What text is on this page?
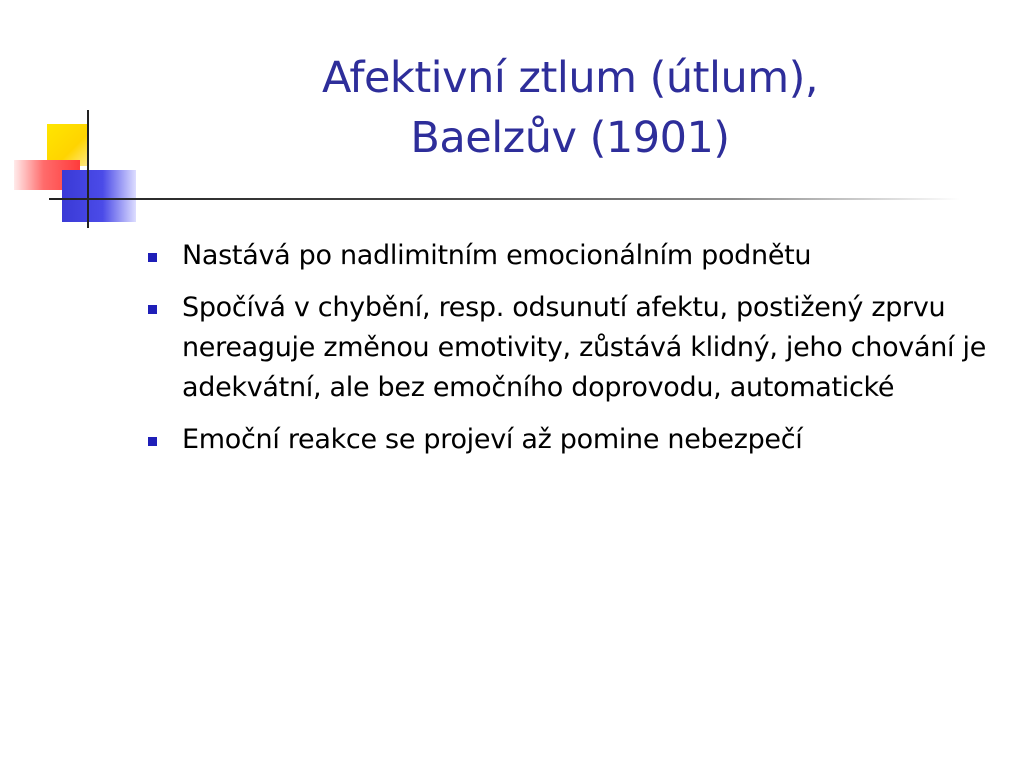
Afektivní ztlum (útlum),
Baelzův (1901)
Nastává po nadlimitním emocionálním podnětu
Spočívá v chybění, resp. odsunutí afektu, postižený zprvu nereaguje změnou emotivity, zůstává klidný, jeho chování je adekvátní, ale bez emočního doprovodu, automatické
Emoční reakce se projeví až pomine nebezpečí
